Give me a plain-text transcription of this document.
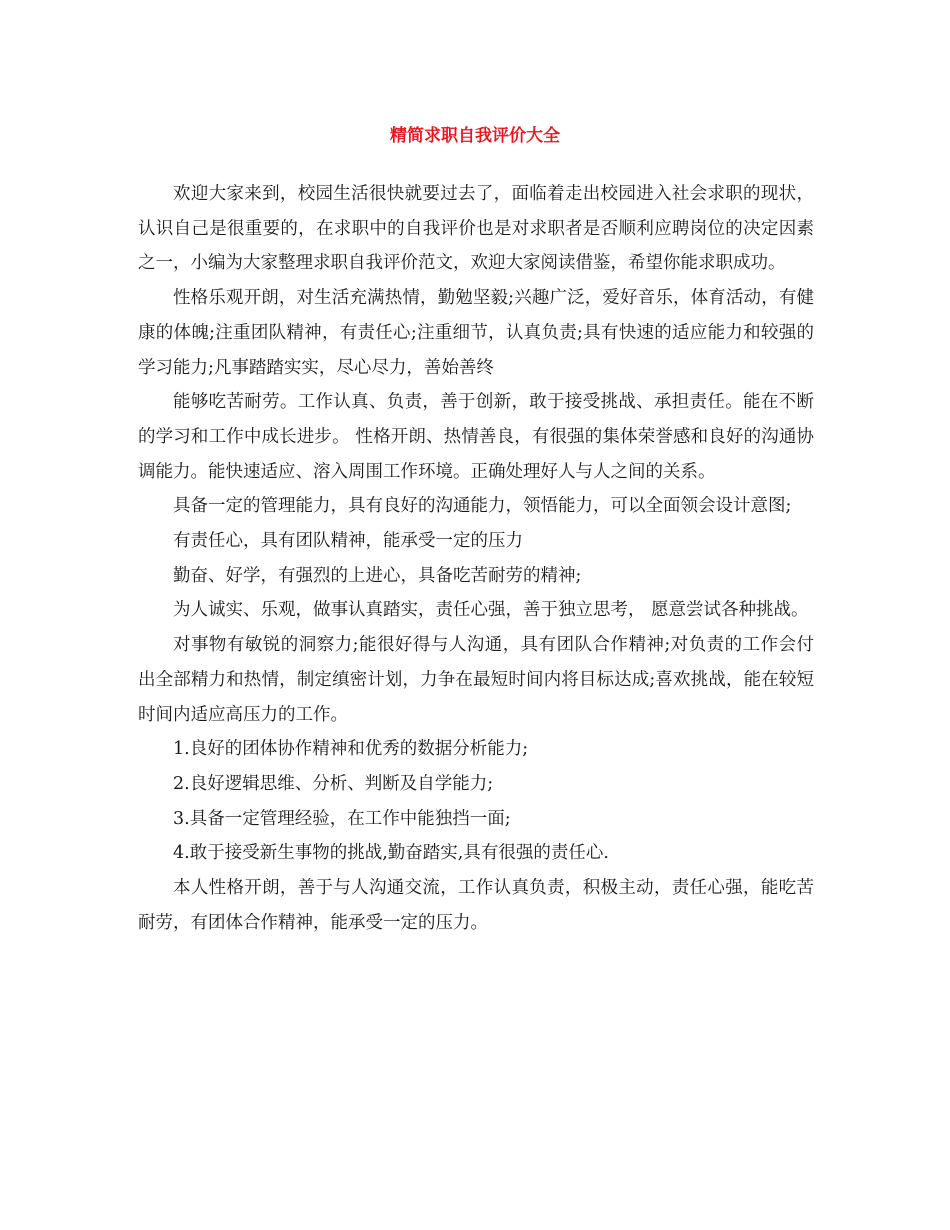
精简求职自我评价大全

欢迎大家来到，校园生活很快就要过去了，面临着走出校园进入社会求职的现状，认识自己是很重要的，在求职中的自我评价也是对求职者是否顺利应聘岗位的决定因素之一，小编为大家整理求职自我评价范文，欢迎大家阅读借鉴，希望你能求职成功。

性格乐观开朗，对生活充满热情，勤勉坚毅;兴趣广泛，爱好音乐，体育活动，有健康的体魄;注重团队精神，有责任心;注重细节，认真负责;具有快速的适应能力和较强的学习能力;凡事踏踏实实，尽心尽力，善始善终

能够吃苦耐劳。工作认真、负责，善于创新，敢于接受挑战、承担责任。能在不断的学习和工作中成长进步。 性格开朗、热情善良，有很强的集体荣誉感和良好的沟通协调能力。能快速适应、溶入周围工作环境。正确处理好人与人之间的关系。

具备一定的管理能力，具有良好的沟通能力，领悟能力，可以全面领会设计意图;

有责任心，具有团队精神，能承受一定的压力

勤奋、好学，有强烈的上进心，具备吃苦耐劳的精神;

为人诚实、乐观，做事认真踏实，责任心强，善于独立思考， 愿意尝试各种挑战。

对事物有敏锐的洞察力;能很好得与人沟通，具有团队合作精神;对负责的工作会付出全部精力和热情，制定缜密计划，力争在最短时间内将目标达成;喜欢挑战，能在较短时间内适应高压力的工作。

1.良好的团体协作精神和优秀的数据分析能力;

2.良好逻辑思维、分析、判断及自学能力;

3.具备一定管理经验，在工作中能独挡一面;

4.敢于接受新生事物的挑战,勤奋踏实,具有很强的责任心.

本人性格开朗，善于与人沟通交流，工作认真负责，积极主动，责任心强，能吃苦耐劳，有团体合作精神，能承受一定的压力。
